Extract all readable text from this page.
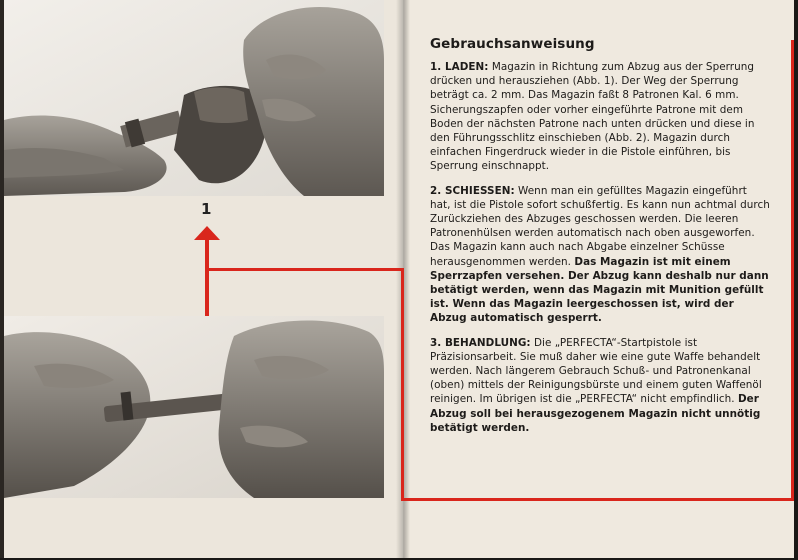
1
Gebrauchsanweisung

1. LADEN: Magazin in Richtung zum Abzug aus der Sperrung drücken und herausziehen (Abb. 1). Der Weg der Sperrung beträgt ca. 2 mm. Das Magazin faßt 8 Patronen Kal. 6 mm. Sicherungszapfen oder vorher eingeführte Patrone mit dem Boden der nächsten Patrone nach unten drücken und diese in den Führungsschlitz einschieben (Abb. 2). Magazin durch einfachen Fingerdruck wieder in die Pistole einführen, bis Sperrung einschnappt.

2. SCHIESSEN: Wenn man ein gefülltes Magazin eingeführt hat, ist die Pistole sofort schußfertig. Es kann nun achtmal durch Zurückziehen des Abzuges geschossen werden. Die leeren Patronenhülsen werden automatisch nach oben ausgeworfen. Das Magazin kann auch nach Abgabe einzelner Schüsse herausgenommen werden. Das Magazin ist mit einem Sperrzapfen versehen. Der Abzug kann deshalb nur dann betätigt werden, wenn das Magazin mit Munition gefüllt ist. Wenn das Magazin leergeschossen ist, wird der Abzug automatisch gesperrt.

3. BEHANDLUNG: Die „PERFECTA“-Startpistole ist Präzisionsarbeit. Sie muß daher wie eine gute Waffe behandelt werden. Nach längerem Gebrauch Schuß- und Patronenkanal (oben) mittels der Reinigungsbürste und einem guten Waffenöl reinigen. Im übrigen ist die „PERFECTA“ nicht empfindlich. Der Abzug soll bei herausgezogenem Magazin nicht unnötig betätigt werden.
